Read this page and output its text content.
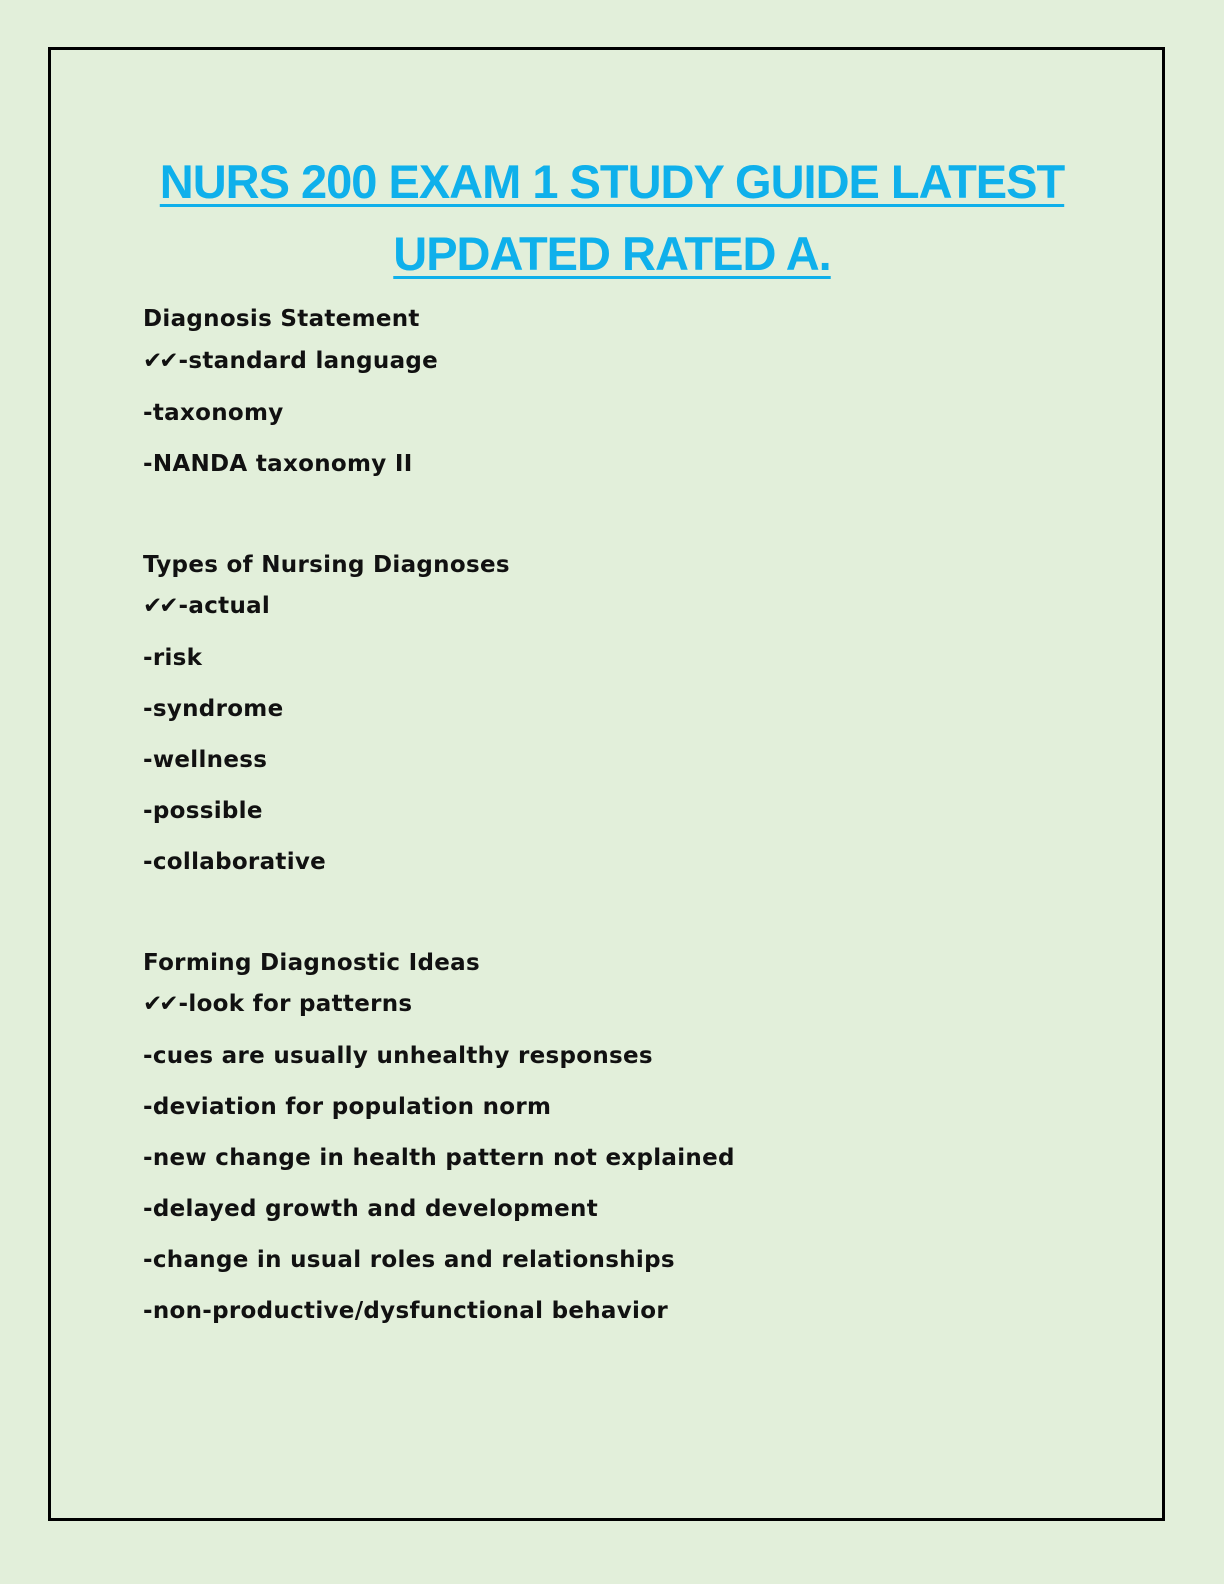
NURS 200 EXAM 1 STUDY GUIDE LATEST
UPDATED RATED A.
Diagnosis Statement
✔✔ -standard language
-taxonomy
-NANDA taxonomy II
Types of Nursing Diagnoses
✔✔ -actual
-risk
-syndrome
-wellness
-possible
-collaborative
Forming Diagnostic Ideas
✔✔ -look for patterns
-cues are usually unhealthy responses
-deviation for population norm
-new change in health pattern not explained
-delayed growth and development
-change in usual roles and relationships
-non-productive/dysfunctional behavior
